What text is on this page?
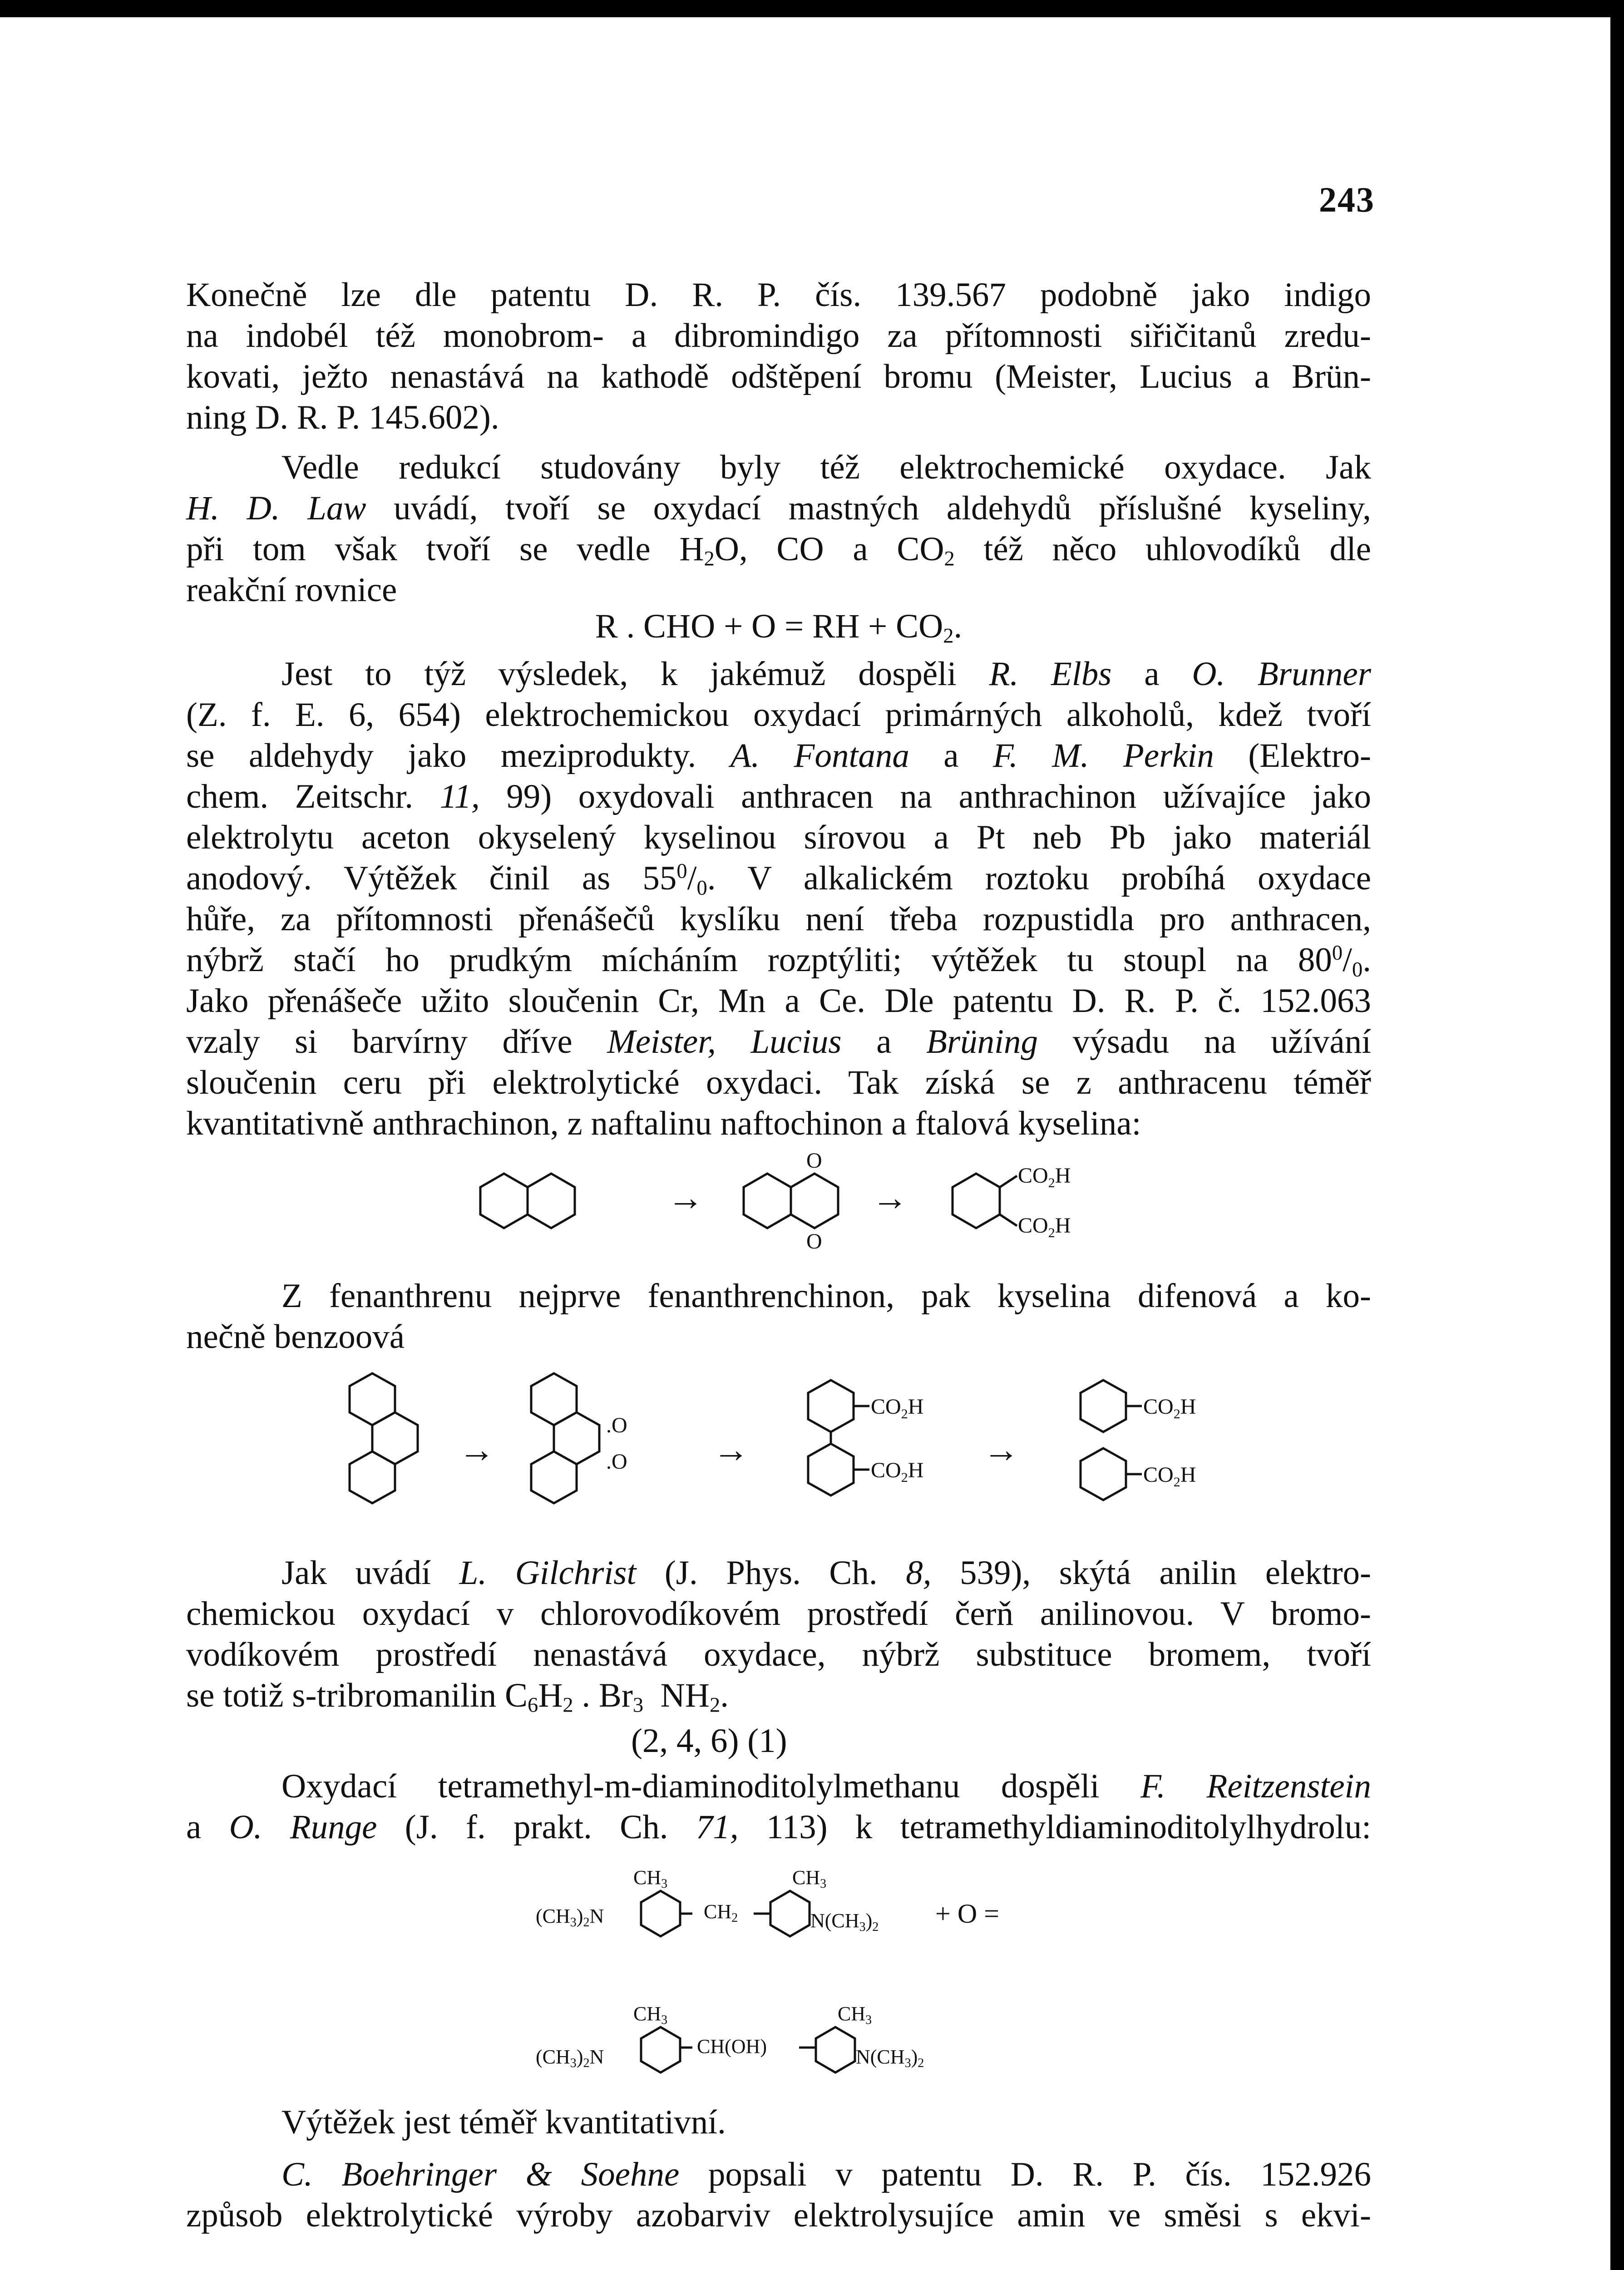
243
Konečně lze dle patentu D. R. P. čís. 139.567 podobně jako indigo
na indobél též monobrom- a dibromindigo za přítomnosti siřičitanů zredu-
kovati, ježto nenastává na kathodě odštěpení bromu (Meister, Lucius a Brün-
ning D. R. P. 145.602).
Vedle redukcí studovány byly též elektrochemické oxydace. Jak
H. D. Law uvádí, tvoří se oxydací mastných aldehydů příslušné kyseliny,
při tom však tvoří se vedle $H_2O$, CO a $CO_2$ též něco uhlovodíků dle
reakční rovnice
R . CHO + O = RH + $CO_2$.
Jest to týž výsledek, k jakémuž dospěli R. Elbs a O. Brunner
(Z. f. E. 6, 654) elektrochemickou oxydací primárných alkoholů, kdež tvoří
se aldehydy jako meziprodukty. A. Fontana a F. M. Perkin (Elektro-
chem. Zeitschr. 11, 99) oxydovali anthracen na anthrachinon užívajíce jako
elektrolytu aceton okyselený kyselinou sírovou a Pt neb Pb jako materiál
anodový. Výtěžek činil as $55^0/_0$. V alkalickém roztoku probíhá oxydace
hůře, za přítomnosti přenášečů kyslíku není třeba rozpustidla pro anthracen,
nýbrž stačí ho prudkým mícháním rozptýliti; výtěžek tu stoupl na $80^0/_0$.
Jako přenášeče užito sloučenin Cr, Mn a Ce. Dle patentu D. R. P. č. 152.063
vzaly si barvírny dříve Meister, Lucius a Brüning výsadu na užívání
sloučenin ceru při elektrolytické oxydaci. Tak získá se z anthracenu téměř
kvantitativně anthrachinon, z naftalinu naftochinon a ftalová kyselina:
→
O
O
→
$CO_2H$
$CO_2H$
Z fenanthrenu nejprve fenanthrenchinon, pak kyselina difenová a ko-
nečně benzoová
→
.O
.O →
$CO_2H$
$CO_2H$
→
$CO_2H$
$CO_2H$
Jak uvádí L. Gilchrist (J. Phys. Ch. 8, 539), skýtá anilin elektro-
chemickou oxydací v chlorovodíkovém prostředí čerň anilinovou. V bromo-
vodíkovém prostředí nenastává oxydace, nýbrž substituce bromem, tvoří
se totiž s-tribromanilin $C_6H_2$ . $Br_3$  $NH_2$.
(2, 4, 6) (1)
Oxydací tetramethyl-m-diaminoditolylmethanu dospěli F. Reitzenstein
a O. Runge (J. f. prakt. Ch. 71, 113) k tetramethyldiaminoditolylhydrolu:
CH3	CH3
(CH3)2N	CH2	N(CH3)2 + O =
CH3	CH3
(CH3)2N	CH(OH)	N(CH3)2
Výtěžek jest téměř kvantitativní.
C. Boehringer & Soehne popsali v patentu D. R. P. čís. 152.926
způsob elektrolytické výroby azobarviv elektrolysujíce amin ve směsi s ekvi-
